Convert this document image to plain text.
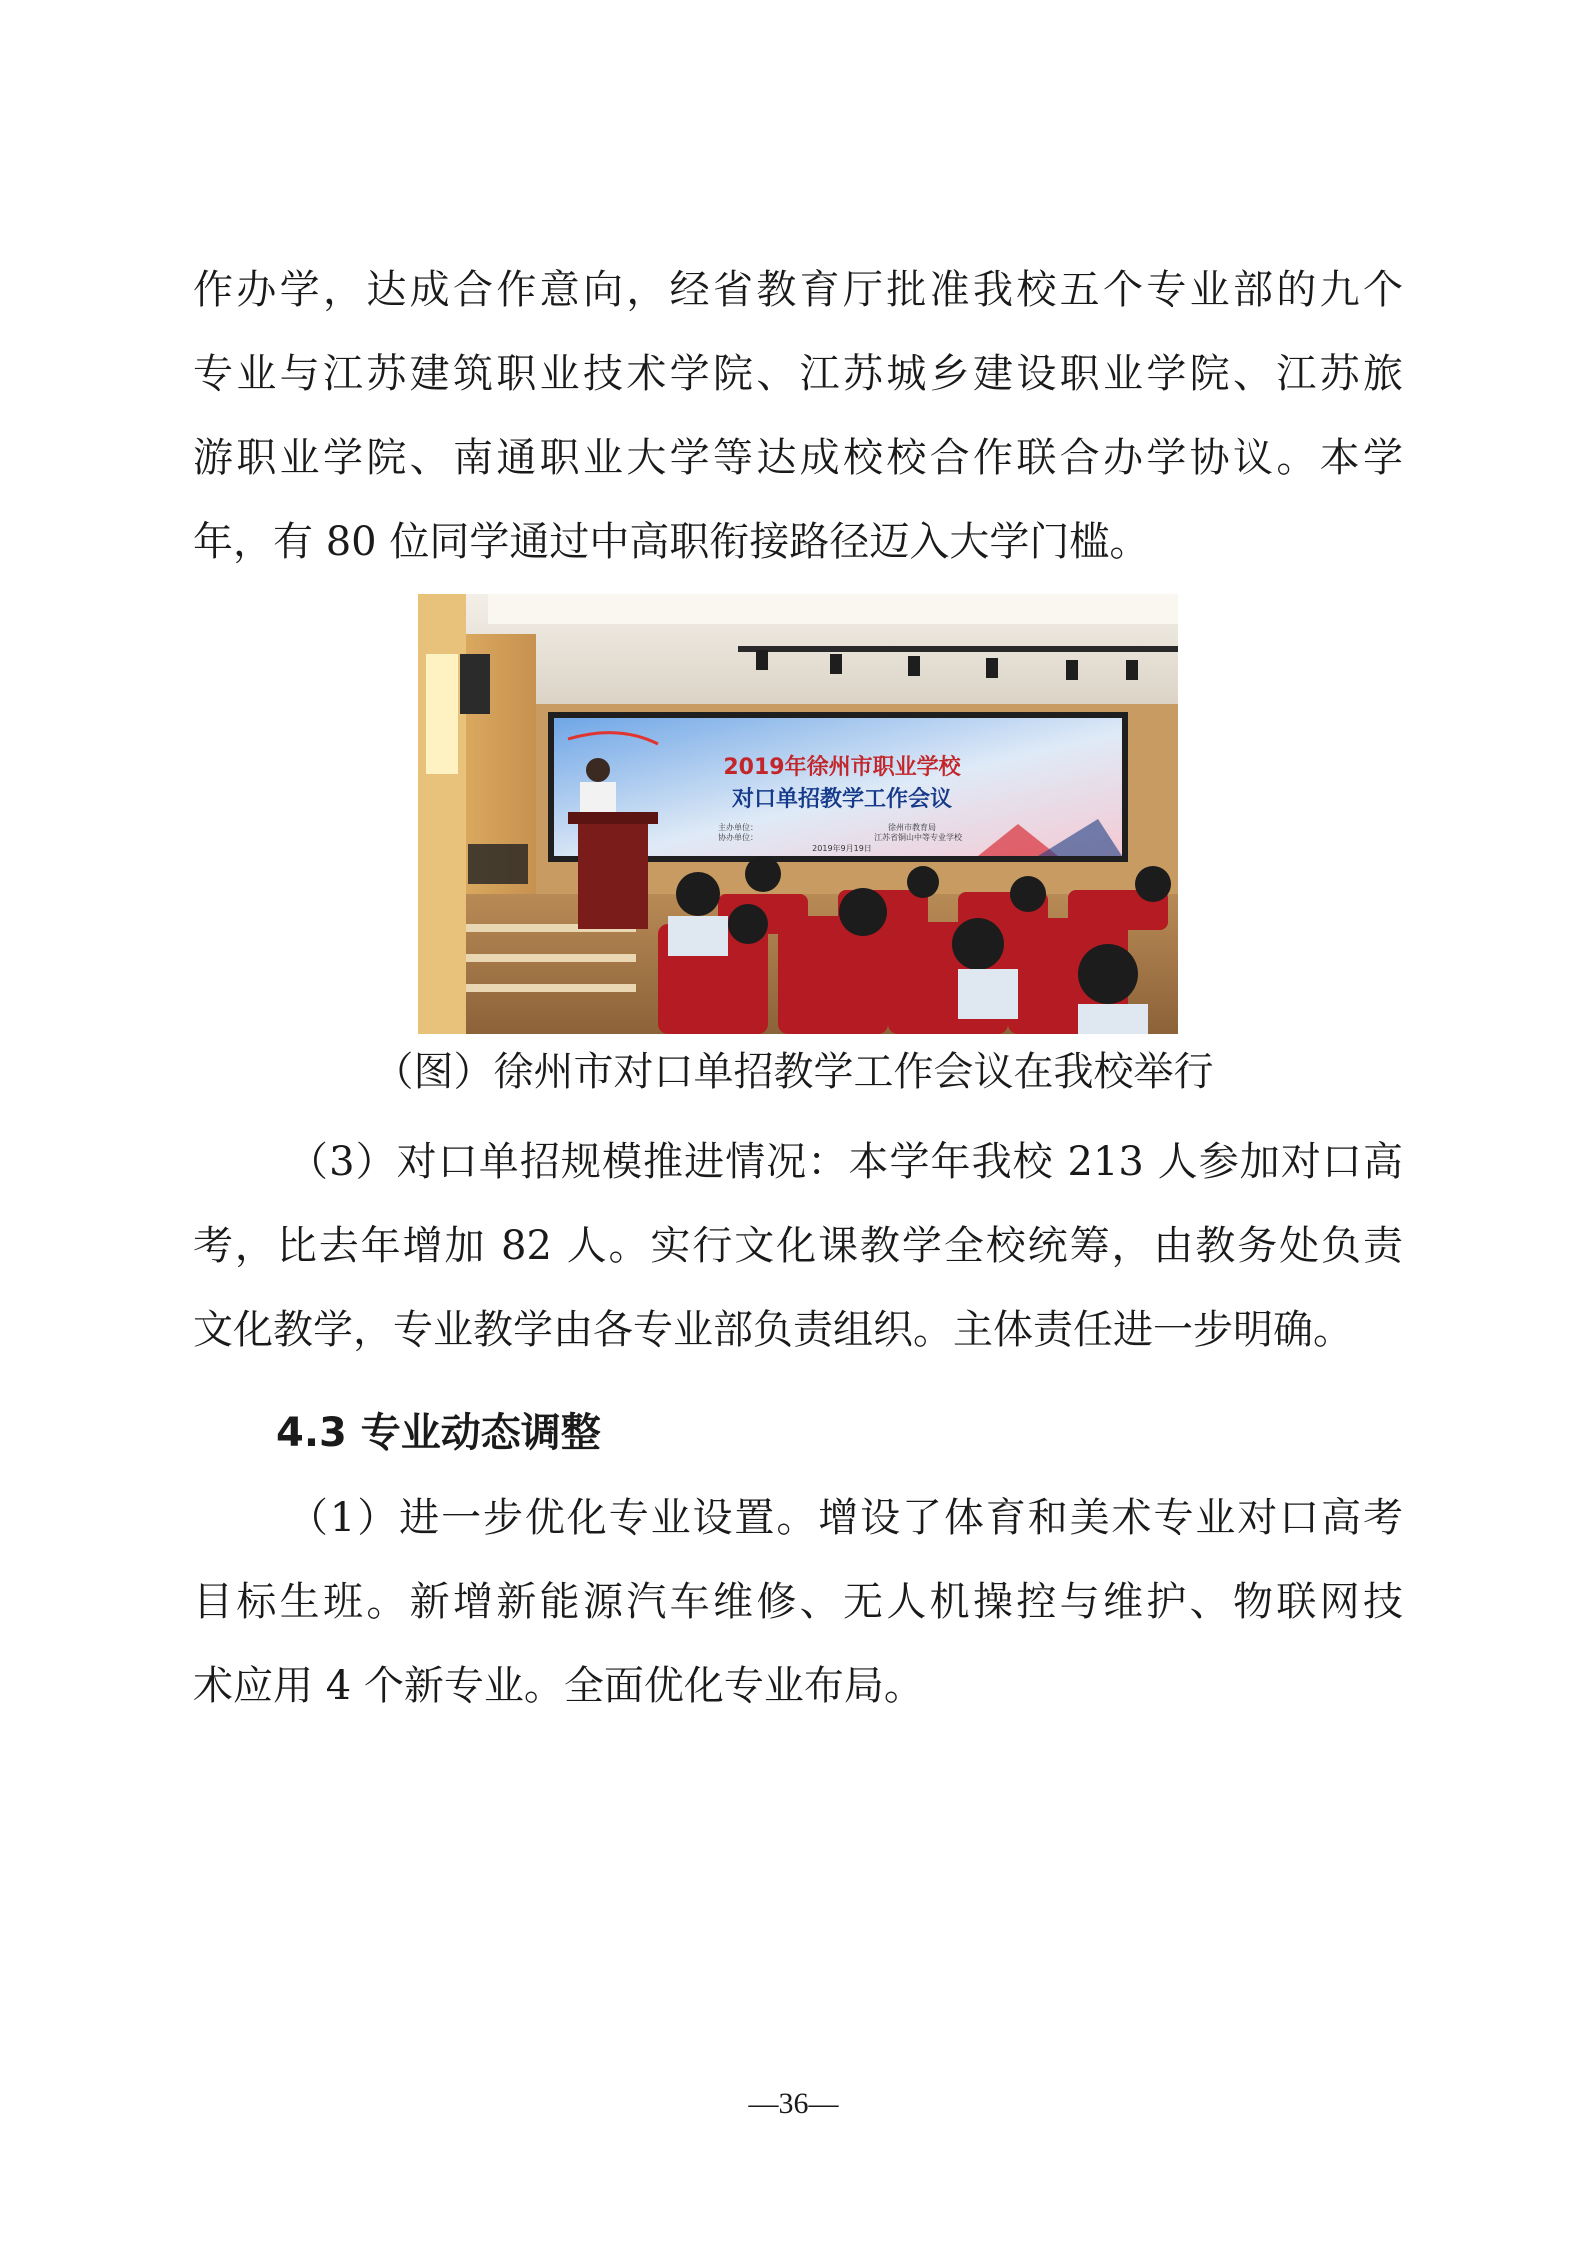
作办学，达成合作意向，经省教育厅批准我校五个专业部的九个
专业与江苏建筑职业技术学院、江苏城乡建设职业学院、江苏旅
游职业学院、南通职业大学等达成校校合作联合办学协议。本学
年，有 80 位同学通过中高职衔接路径迈入大学门槛。
2019年徐州市职业学校
对口单招教学工作会议
主办单位：	徐州市教育局
协办单位：	江苏省铜山中等专业学校
2019年9月19日
（图）徐州市对口单招教学工作会议在我校举行
（3）对口单招规模推进情况：本学年我校 213 人参加对口高
考，比去年增加 82 人。实行文化课教学全校统筹，由教务处负责
文化教学，专业教学由各专业部负责组织。主体责任进一步明确。
4.3 专业动态调整
（1）进一步优化专业设置。增设了体育和美术专业对口高考
目标生班。新增新能源汽车维修、无人机操控与维护、物联网技
术应用 4 个新专业。全面优化专业布局。
—36—
